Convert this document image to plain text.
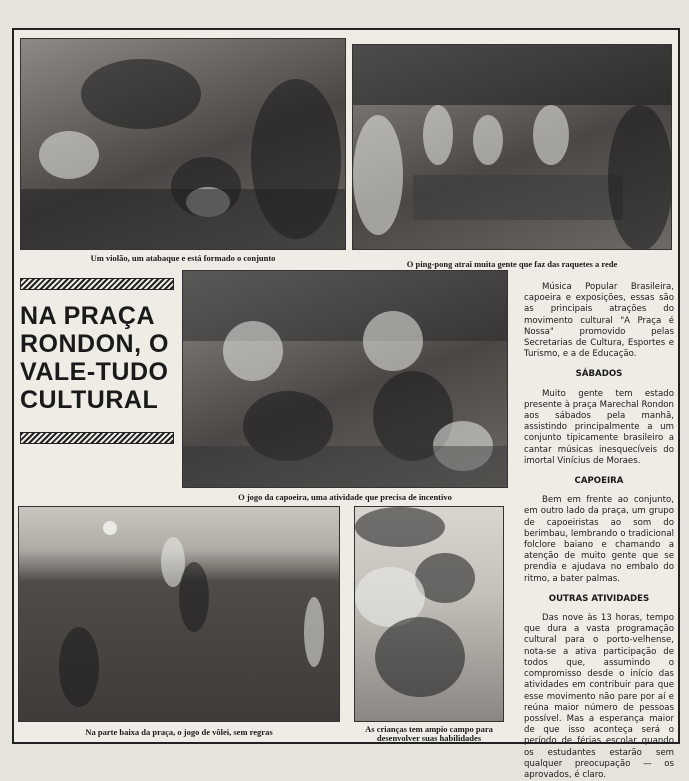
Um violão, um atabaque e está formado o conjunto
O ping-pong atrai muita gente que faz das raquetes a rede
NA PRAÇA
RONDON, O
VALE-TUDO
CULTURAL
O jogo da capoeira, uma atividade que precisa de incentivo
Na parte baixa da praça, o jogo de vôlei, sem regras	As crianças tem ampio campo para
desenvolver suas habilidades

Música Popular Brasileira, capoeira e exposições, essas são as principais atrações do movimento cultural "A Praça é Nossa" promovido pelas Secretarias de Cultura, Esportes e Turismo, e a de Educação.

SÁBADOS

Muito gente tem estado presente à praça Marechal Rondon aos sábados pela manhã, assistindo principalmente a um conjunto tipicamente brasileiro a cantar músicas inesquecíveis do imortal Vinícius de Moraes.

CAPOEIRA

Bem em frente ao conjunto, em outro lado da praça, um grupo de capoeiristas ao som do berimbau, lembrando o tradicional folclore baiano e chamando a atenção de muito gente que se prendia e ajudava no embalo do ritmo, a bater palmas.

OUTRAS ATIVIDADES

Das nove às 13 horas, tempo que dura a vasta programação cultural para o porto-velhense, nota-se a ativa participação de todos que, assumindo o compromisso desde o início das atividades em contribuir para que esse movimento não pare por aí e reúna maior número de pessoas possível. Mas a esperança maior de que isso aconteça será o período de férias escolar quando os estudantes estarão sem qualquer preocupação — os aprovados, é claro.
